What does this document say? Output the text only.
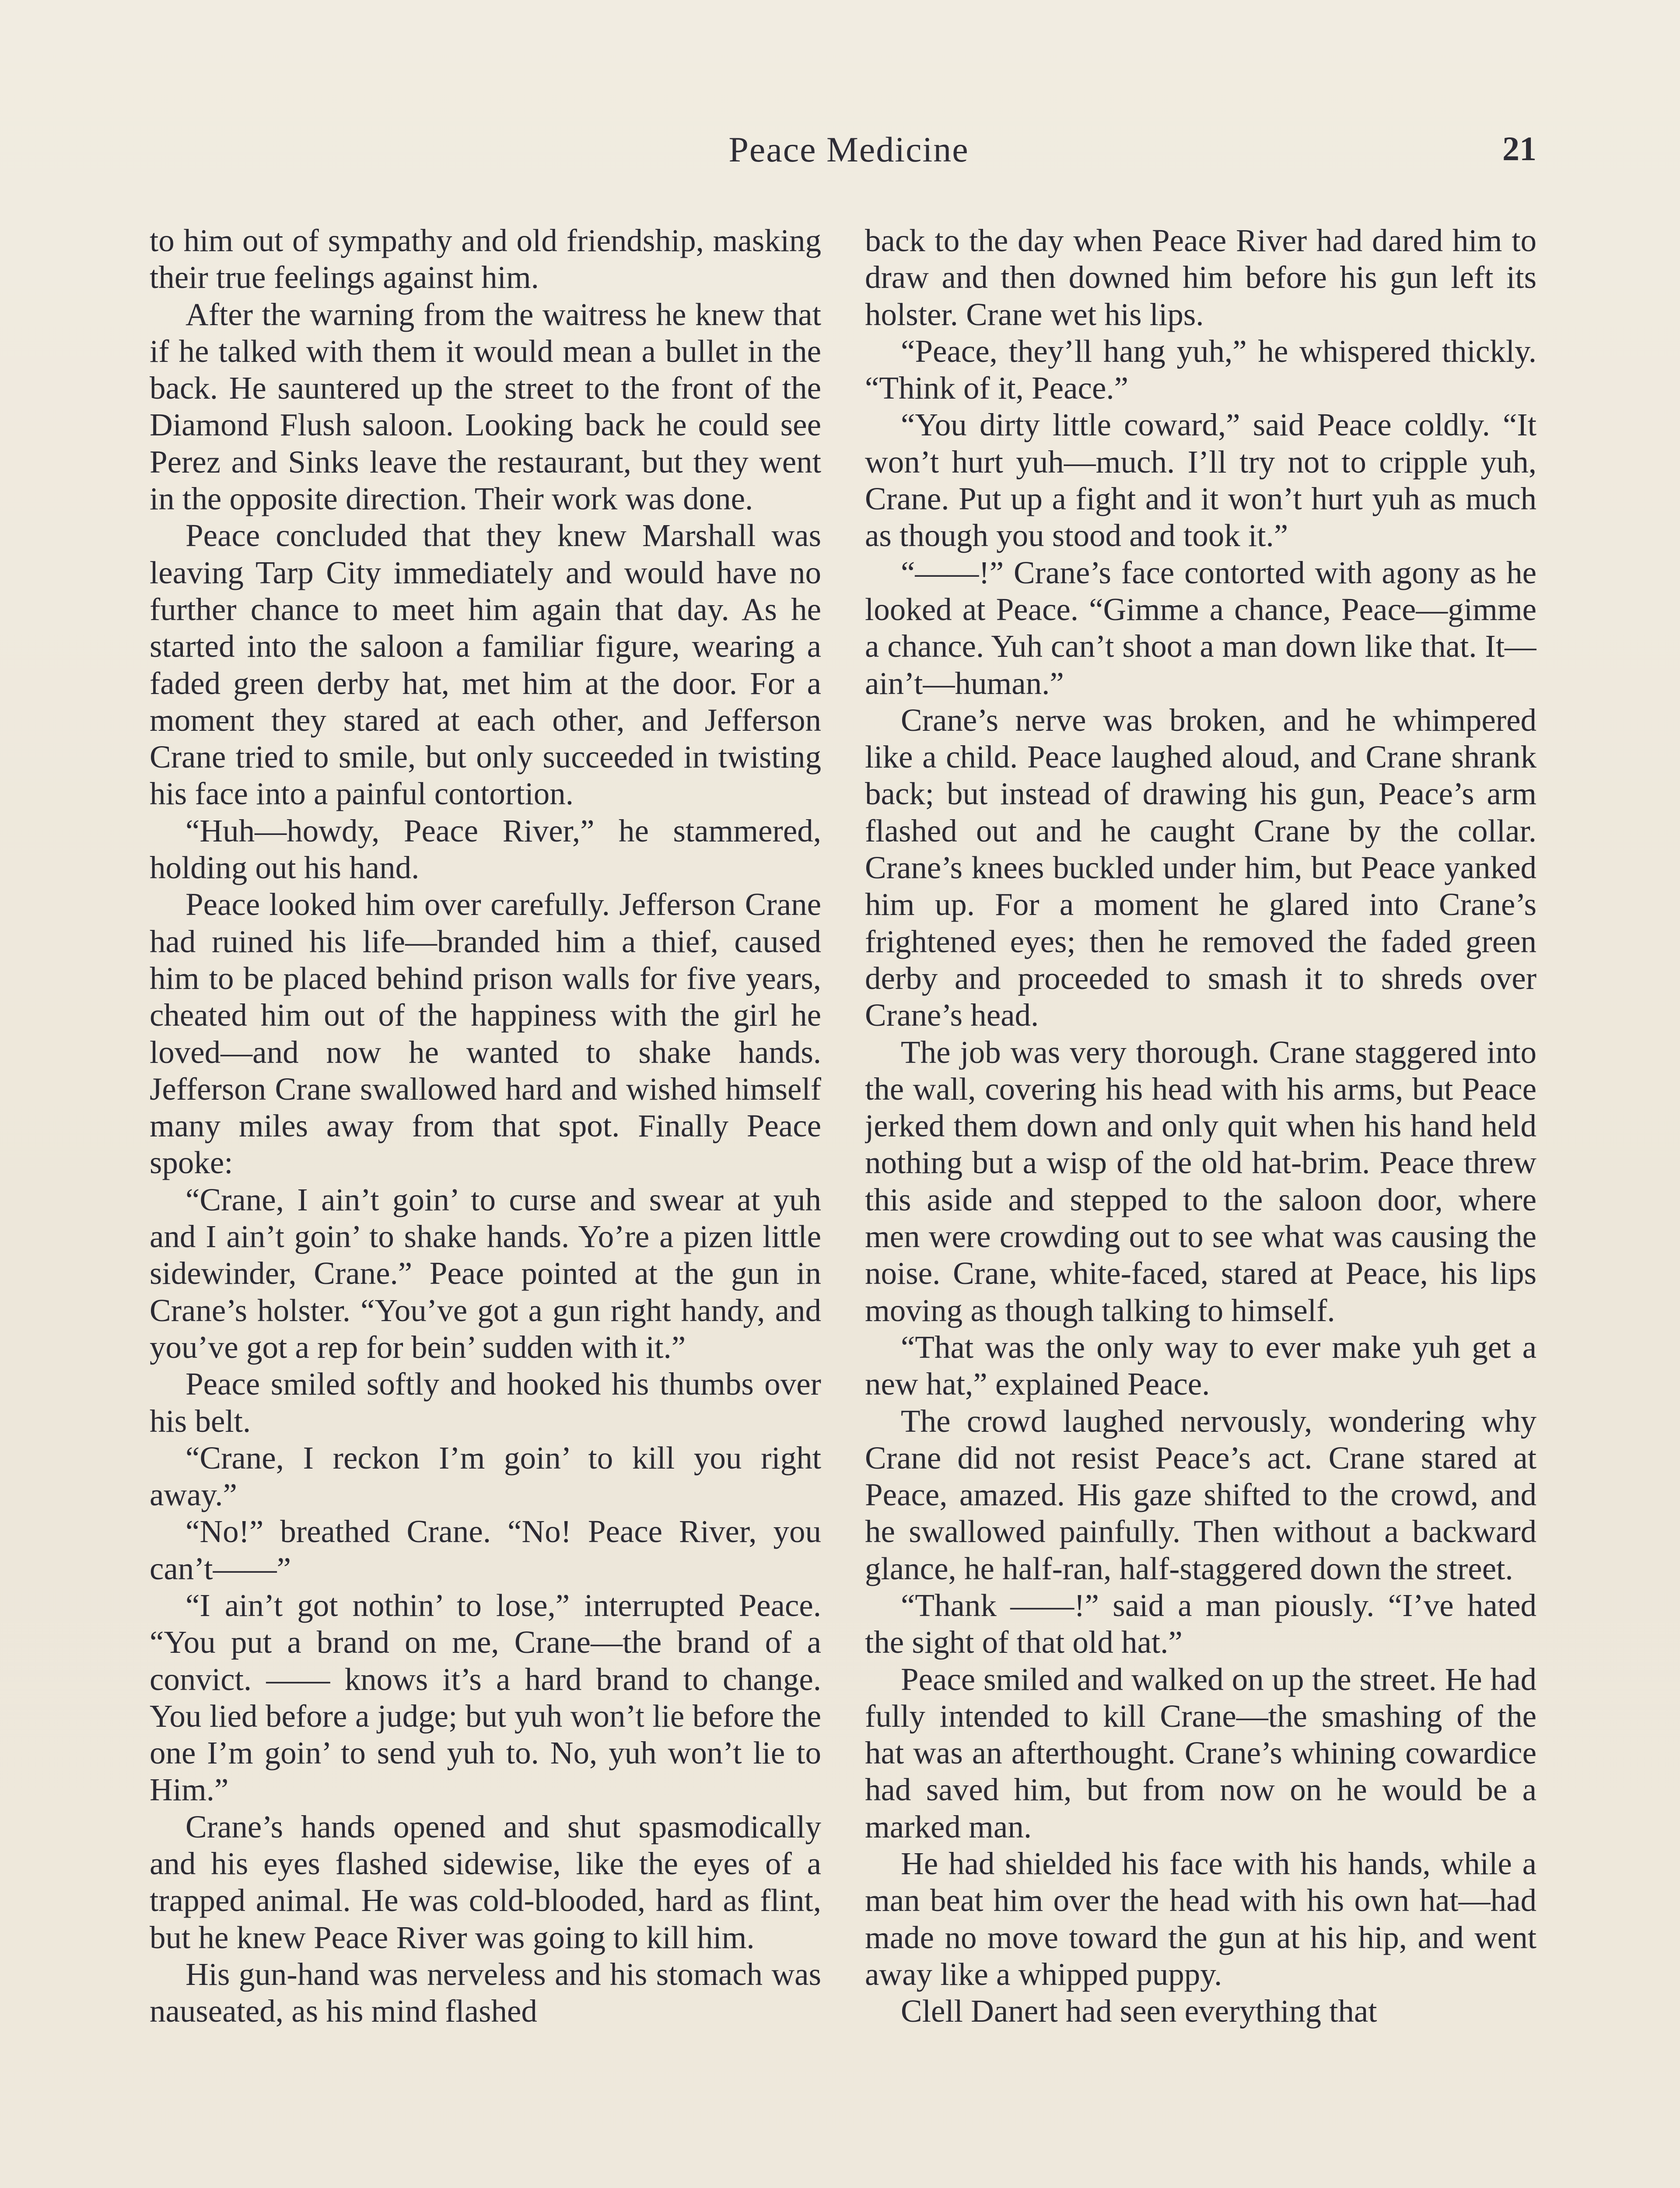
Peace Medicine	21

to him out of sympathy and old friendship, masking their true feelings against him.

After the warning from the waitress he knew that if he talked with them it would mean a bullet in the back. He sauntered up the street to the front of the Diamond Flush saloon. Looking back he could see Perez and Sinks leave the restaurant, but they went in the opposite direction. Their work was done.

Peace concluded that they knew Marshall was leaving Tarp City immediately and would have no further chance to meet him again that day. As he started into the saloon a familiar figure, wearing a faded green derby hat, met him at the door. For a moment they stared at each other, and Jefferson Crane tried to smile, but only succeeded in twisting his face into a painful contortion.

“Huh—howdy, Peace River,” he stammered, holding out his hand.

Peace looked him over carefully. Jefferson Crane had ruined his life—branded him a thief, caused him to be placed behind prison walls for five years, cheated him out of the happiness with the girl he loved—and now he wanted to shake hands. Jefferson Crane swallowed hard and wished himself many miles away from that spot. Finally Peace spoke:

“Crane, I ain’t goin’ to curse and swear at yuh and I ain’t goin’ to shake hands. Yo’re a pizen little sidewinder, Crane.” Peace pointed at the gun in Crane’s holster. “You’ve got a gun right handy, and you’ve got a rep for bein’ sudden with it.”

Peace smiled softly and hooked his thumbs over his belt.

“Crane, I reckon I’m goin’ to kill you right away.”

“No!” breathed Crane. “No! Peace River, you can’t——”

“I ain’t got nothin’ to lose,” interrupted Peace. “You put a brand on me, Crane—the brand of a convict. —— knows it’s a hard brand to change. You lied before a judge; but yuh won’t lie before the one I’m goin’ to send yuh to. No, yuh won’t lie to Him.”

Crane’s hands opened and shut spasmodically and his eyes flashed sidewise, like the eyes of a trapped animal. He was cold-blooded, hard as flint, but he knew Peace River was going to kill him.

His gun-hand was nerveless and his stomach was nauseated, as his mind flashed

back to the day when Peace River had dared him to draw and then downed him before his gun left its holster. Crane wet his lips.

“Peace, they’ll hang yuh,” he whispered thickly. “Think of it, Peace.”

“You dirty little coward,” said Peace coldly. “It won’t hurt yuh—much. I’ll try not to cripple yuh, Crane. Put up a fight and it won’t hurt yuh as much as though you stood and took it.”

“——!” Crane’s face contorted with agony as he looked at Peace. “Gimme a chance, Peace—gimme a chance. Yuh can’t shoot a man down like that. It—ain’t—human.”

Crane’s nerve was broken, and he whimpered like a child. Peace laughed aloud, and Crane shrank back; but instead of drawing his gun, Peace’s arm flashed out and he caught Crane by the collar. Crane’s knees buckled under him, but Peace yanked him up. For a moment he glared into Crane’s frightened eyes; then he removed the faded green derby and proceeded to smash it to shreds over Crane’s head.

The job was very thorough. Crane staggered into the wall, covering his head with his arms, but Peace jerked them down and only quit when his hand held nothing but a wisp of the old hat-brim. Peace threw this aside and stepped to the saloon door, where men were crowding out to see what was causing the noise. Crane, white-faced, stared at Peace, his lips moving as though talking to himself.

“That was the only way to ever make yuh get a new hat,” explained Peace.

The crowd laughed nervously, wondering why Crane did not resist Peace’s act. Crane stared at Peace, amazed. His gaze shifted to the crowd, and he swallowed painfully. Then without a backward glance, he half-ran, half-staggered down the street.

“Thank ——!” said a man piously. “I’ve hated the sight of that old hat.”

Peace smiled and walked on up the street. He had fully intended to kill Crane—the smashing of the hat was an afterthought. Crane’s whining cowardice had saved him, but from now on he would be a marked man.

He had shielded his face with his hands, while a man beat him over the head with his own hat—had made no move toward the gun at his hip, and went away like a whipped puppy.

Clell Danert had seen everything that
